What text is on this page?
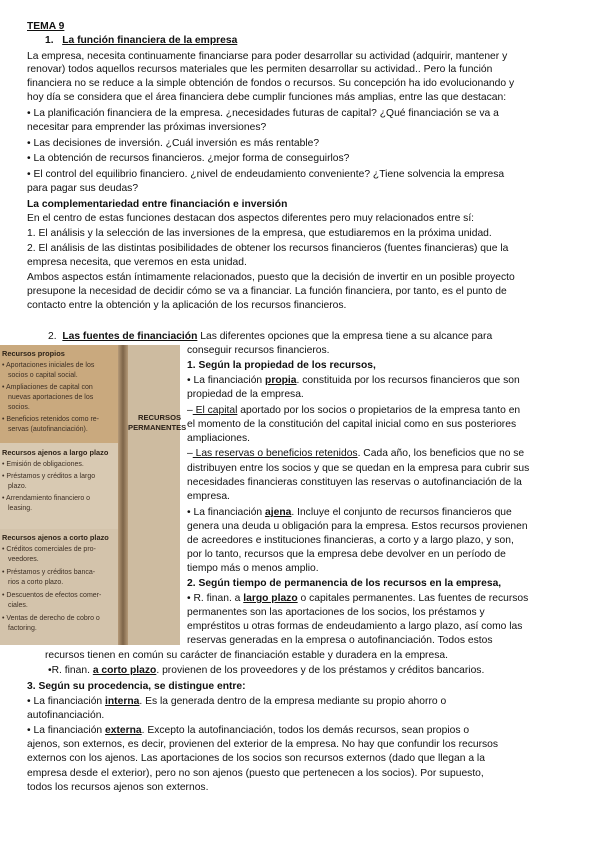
TEMA 9
1. La función financiera de la empresa
La empresa, necesita continuamente financiarse para poder desarrollar su actividad (adquirir, mantener y
renovar) todos aquellos recursos materiales que les permiten desarrollar su actividad.. Pero la función
financiera no se reduce a la simple obtención de fondos o recursos. Su concepción ha ido evolucionando y
hoy día se considera que el área financiera debe cumplir funciones más amplias, entre las que destacan:
• La planificación financiera de la empresa. ¿necesidades futuras de capital? ¿Qué financiación se va a
necesitar para emprender las próximas inversiones?
• Las decisiones de inversión. ¿Cuál inversión es más rentable?
• La obtención de recursos financieros. ¿mejor forma de conseguirlos?
• El control del equilibrio financiero. ¿nivel de endeudamiento conveniente? ¿Tiene solvencia la empresa
para pagar sus deudas?
La complementariedad entre financiación e inversión
En el centro de estas funciones destacan dos aspectos diferentes pero muy relacionados entre sí:
1. El análisis y la selección de las inversiones de la empresa, que estudiaremos en la próxima unidad.
2. El análisis de las distintas posibilidades de obtener los recursos financieros (fuentes financieras) que la
empresa necesita, que veremos en esta unidad.
Ambos aspectos están íntimamente relacionados, puesto que la decisión de invertir en un posible proyecto
presupone la necesidad de decidir cómo se va a financiar. La función financiera, por tanto, es el punto de
contacto entre la obtención y la aplicación de los recursos financieros.
2. Las fuentes de financiación Las diferentes opciones que la empresa tiene a su alcance para
conseguir recursos financieros.
Recursos propios
• Aportaciones iniciales de los
socios o capital social.
• Ampliaciones de capital con
nuevas aportaciones de los
socios.
• Beneficios retenidos como re-
servas (autofinanciación).
Recursos ajenos a largo plazo
• Emisión de obligaciones.
• Préstamos y créditos a largo
plazo.
• Arrendamiento financiero o
leasing.
Recursos ajenos a corto plazo
• Créditos comerciales de pro-
veedores.
• Préstamos y créditos banca-
rios a corto plazo.
• Descuentos de efectos comer-
ciales.
• Ventas de derecho de cobro o
factoring.
RECURSOS
PERMANENTES
1. Según la propiedad de los recursos,
• La financiación propia. constituida por los recursos financieros que son
propiedad de la empresa.
– El capital aportado por los socios o propietarios de la empresa tanto en
el momento de la constitución del capital inicial como en sus posteriores
ampliaciones.
– Las reservas o beneficios retenidos. Cada año, los beneficios que no se
distribuyen entre los socios y que se quedan en la empresa para cubrir sus
necesidades financieras constituyen las reservas o autofinanciación de la
empresa.
• La financiación ajena. Incluye el conjunto de recursos financieros que
genera una deuda u obligación para la empresa. Estos recursos provienen
de acreedores e instituciones financieras, a corto y a largo plazo, y son,
por lo tanto, recursos que la empresa debe devolver en un período de
tiempo más o menos amplio.
2. Según tiempo de permanencia de los recursos en la empresa,
• R. finan. a largo plazo o capitales permanentes. Las fuentes de recursos
permanentes son las aportaciones de los socios, los préstamos y
empréstitos u otras formas de endeudamiento a largo plazo, así como las
reservas generadas en la empresa o autofinanciación. Todos estos
recursos tienen en común su carácter de financiación estable y duradera en la empresa.
•R. finan. a corto plazo. provienen de los proveedores y de los préstamos y créditos bancarios.
3. Según su procedencia, se distingue entre:
• La financiación interna. Es la generada dentro de la empresa mediante su propio ahorro o
autofinanciación.
• La financiación externa. Excepto la autofinanciación, todos los demás recursos, sean propios o
ajenos, son externos, es decir, provienen del exterior de la empresa. No hay que confundir los recursos
externos con los ajenos. Las aportaciones de los socios son recursos externos (dado que llegan a la
empresa desde el exterior), pero no son ajenos (puesto que pertenecen a los socios). Por supuesto,
todos los recursos ajenos son externos.
